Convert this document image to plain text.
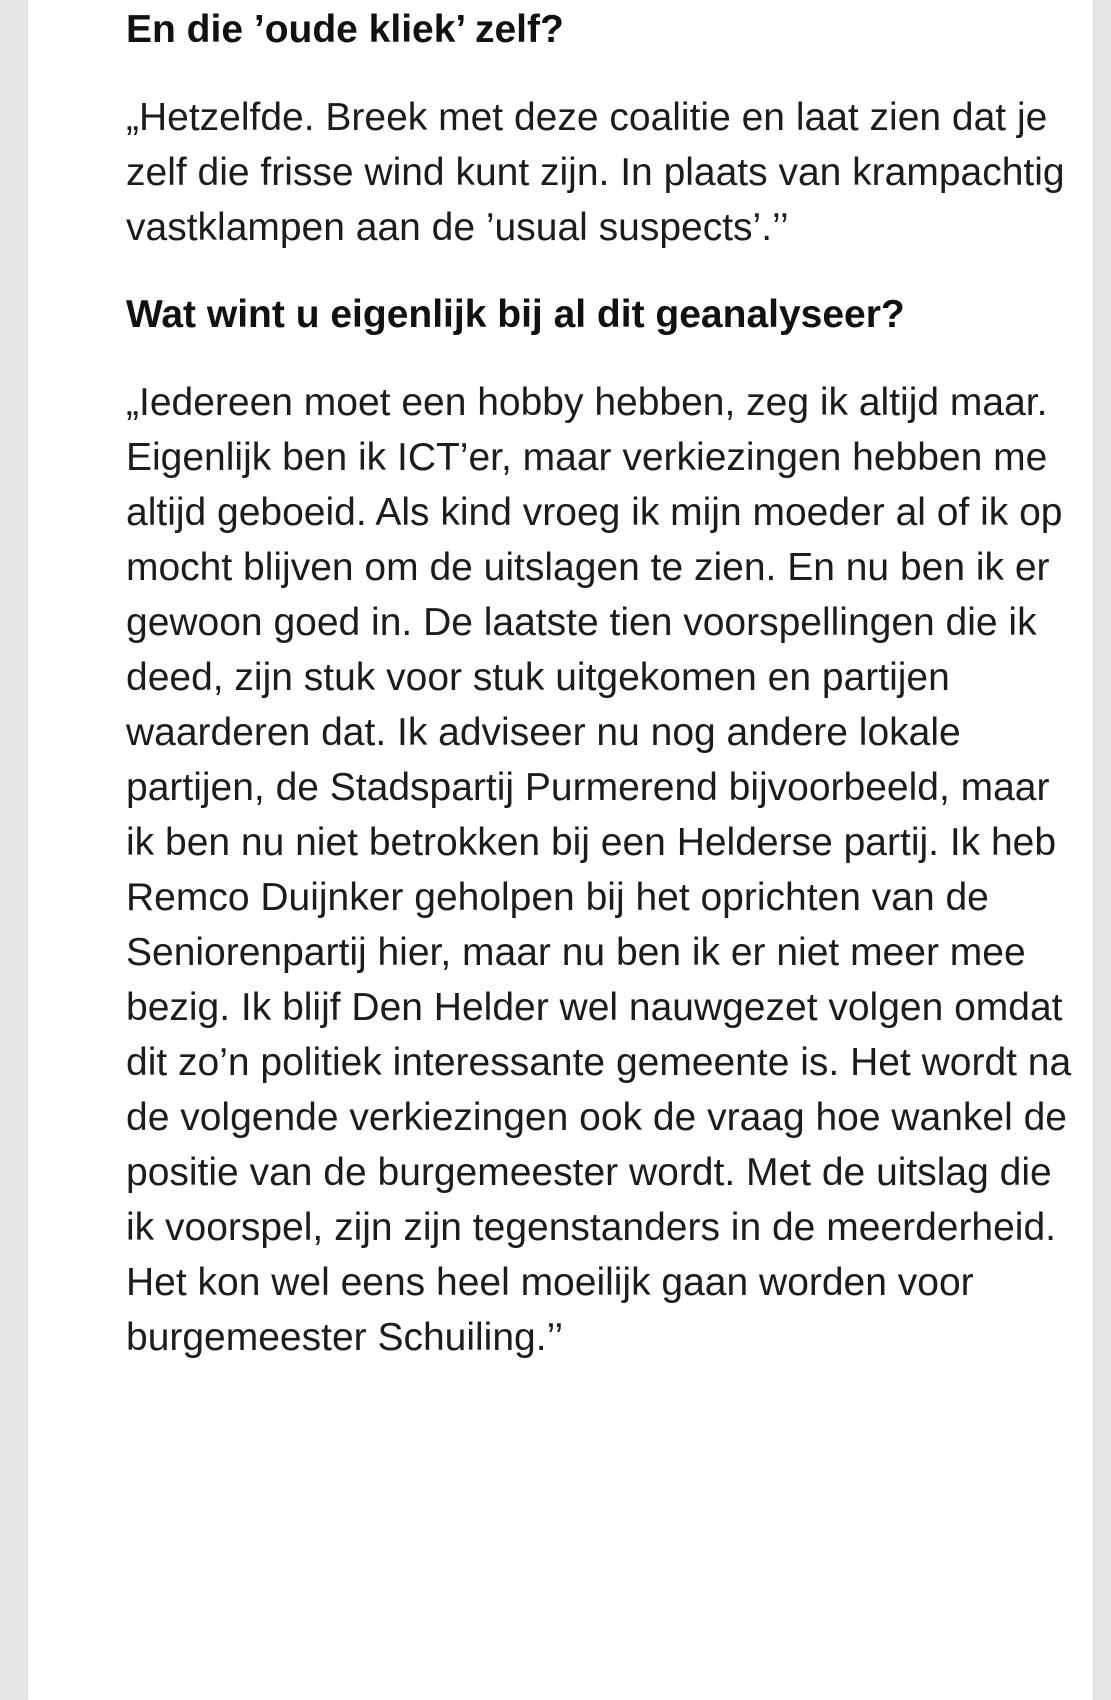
En die ’oude kliek’ zelf?

„Hetzelfde. Breek met deze coalitie en laat zien dat je zelf die frisse wind kunt zijn. In plaats van krampachtig vastklampen aan de ’usual suspects’.’’

Wat wint u eigenlijk bij al dit geanalyseer?

„Iedereen moet een hobby hebben, zeg ik altijd maar. Eigenlijk ben ik ICT’er, maar verkiezingen hebben me altijd geboeid. Als kind vroeg ik mijn moeder al of ik op mocht blijven om de uitslagen te zien. En nu ben ik er gewoon goed in. De laatste tien voorspellingen die ik deed, zijn stuk voor stuk uitgekomen en partijen waarderen dat. Ik adviseer nu nog andere lokale partijen, de Stadspartij Purmerend bijvoorbeeld, maar ik ben nu niet betrokken bij een Helderse partij. Ik heb Remco Duijnker geholpen bij het oprichten van de Seniorenpartij hier, maar nu ben ik er niet meer mee bezig. Ik blijf Den Helder wel nauwgezet volgen omdat dit zo’n politiek interessante gemeente is. Het wordt na de volgende verkiezingen ook de vraag hoe wankel de positie van de burgemeester wordt. Met de uitslag die ik voorspel, zijn zijn tegenstanders in de meerderheid. Het kon wel eens heel moeilijk gaan worden voor burgemeester Schuiling.’’
